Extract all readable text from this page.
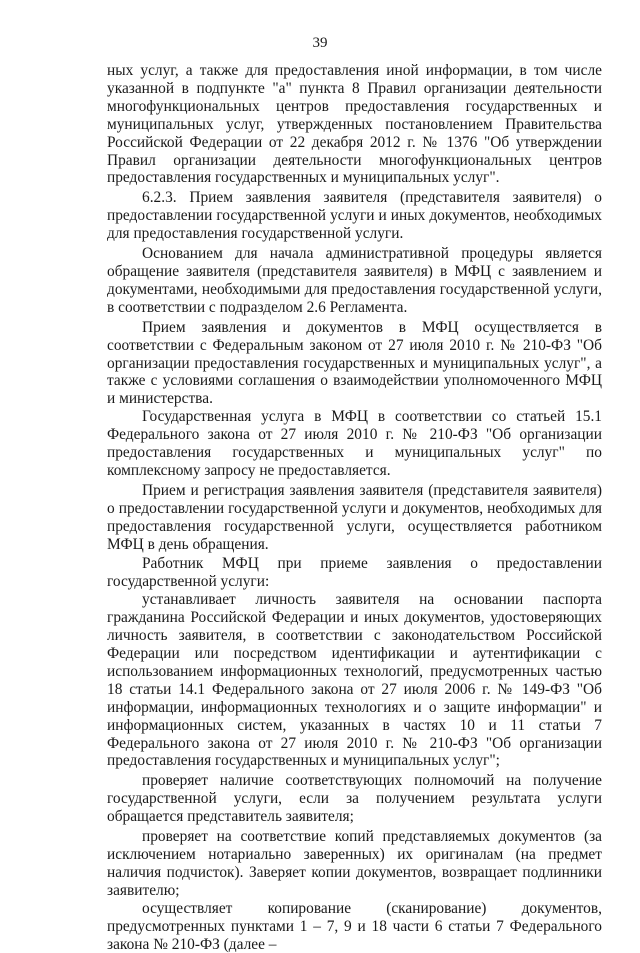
39

ных услуг, а также для предоставления иной информации, в том числе указанной в подпункте "а" пункта 8 Правил организации деятельности многофункциональных центров предоставления государственных и муниципальных услуг, утвержденных постановлением Правительства Российской Федерации от 22 декабря 2012 г. № 1376 "Об утверждении Правил организации деятельности многофункциональных центров предоставления государственных и муниципальных услуг".

6.2.3. Прием заявления заявителя (представителя заявителя) о предоставлении государственной услуги и иных документов, необходимых для предоставления государственной услуги.

Основанием для начала административной процедуры является обращение заявителя (представителя заявителя) в МФЦ с заявлением и документами, необходимыми для предоставления государственной услуги, в соответствии с подразделом 2.6 Регламента.

Прием заявления и документов в МФЦ осуществляется в соответствии с Федеральным законом от 27 июля 2010 г. № 210-ФЗ "Об организации предоставления государственных и муниципальных услуг", а также с условиями соглашения о взаимодействии уполномоченного МФЦ и министерства.

Государственная услуга в МФЦ в соответствии со статьей 15.1 Федерального закона от 27 июля 2010 г. № 210-ФЗ "Об организации предоставления государственных и муниципальных услуг" по комплексному запросу не предоставляется.

Прием и регистрация заявления заявителя (представителя заявителя) о предоставлении государственной услуги и документов, необходимых для предоставления государственной услуги, осуществляется работником МФЦ в день обращения.

Работник МФЦ при приеме заявления о предоставлении государственной услуги:

устанавливает личность заявителя на основании паспорта гражданина Российской Федерации и иных документов, удостоверяющих личность заявителя, в соответствии с законодательством Российской Федерации или посредством идентификации и аутентификации с использованием информационных технологий, предусмотренных частью 18 статьи 14.1 Федерального закона от 27 июля 2006 г. № 149-ФЗ "Об информации, информационных технологиях и о защите информации" и информационных систем, указанных в частях 10 и 11 статьи 7 Федерального закона от 27 июля 2010 г. № 210-ФЗ "Об организации предоставления государственных и муниципальных услуг";

проверяет наличие соответствующих полномочий на получение государственной услуги, если за получением результата услуги обращается представитель заявителя;

проверяет на соответствие копий представляемых документов (за исключением нотариально заверенных) их оригиналам (на предмет наличия подчисток). Заверяет копии документов, возвращает подлинники заявителю;

осуществляет копирование (сканирование) документов, предусмотренных пунктами 1 – 7, 9 и 18 части 6 статьи 7 Федерального закона № 210-ФЗ (далее –
